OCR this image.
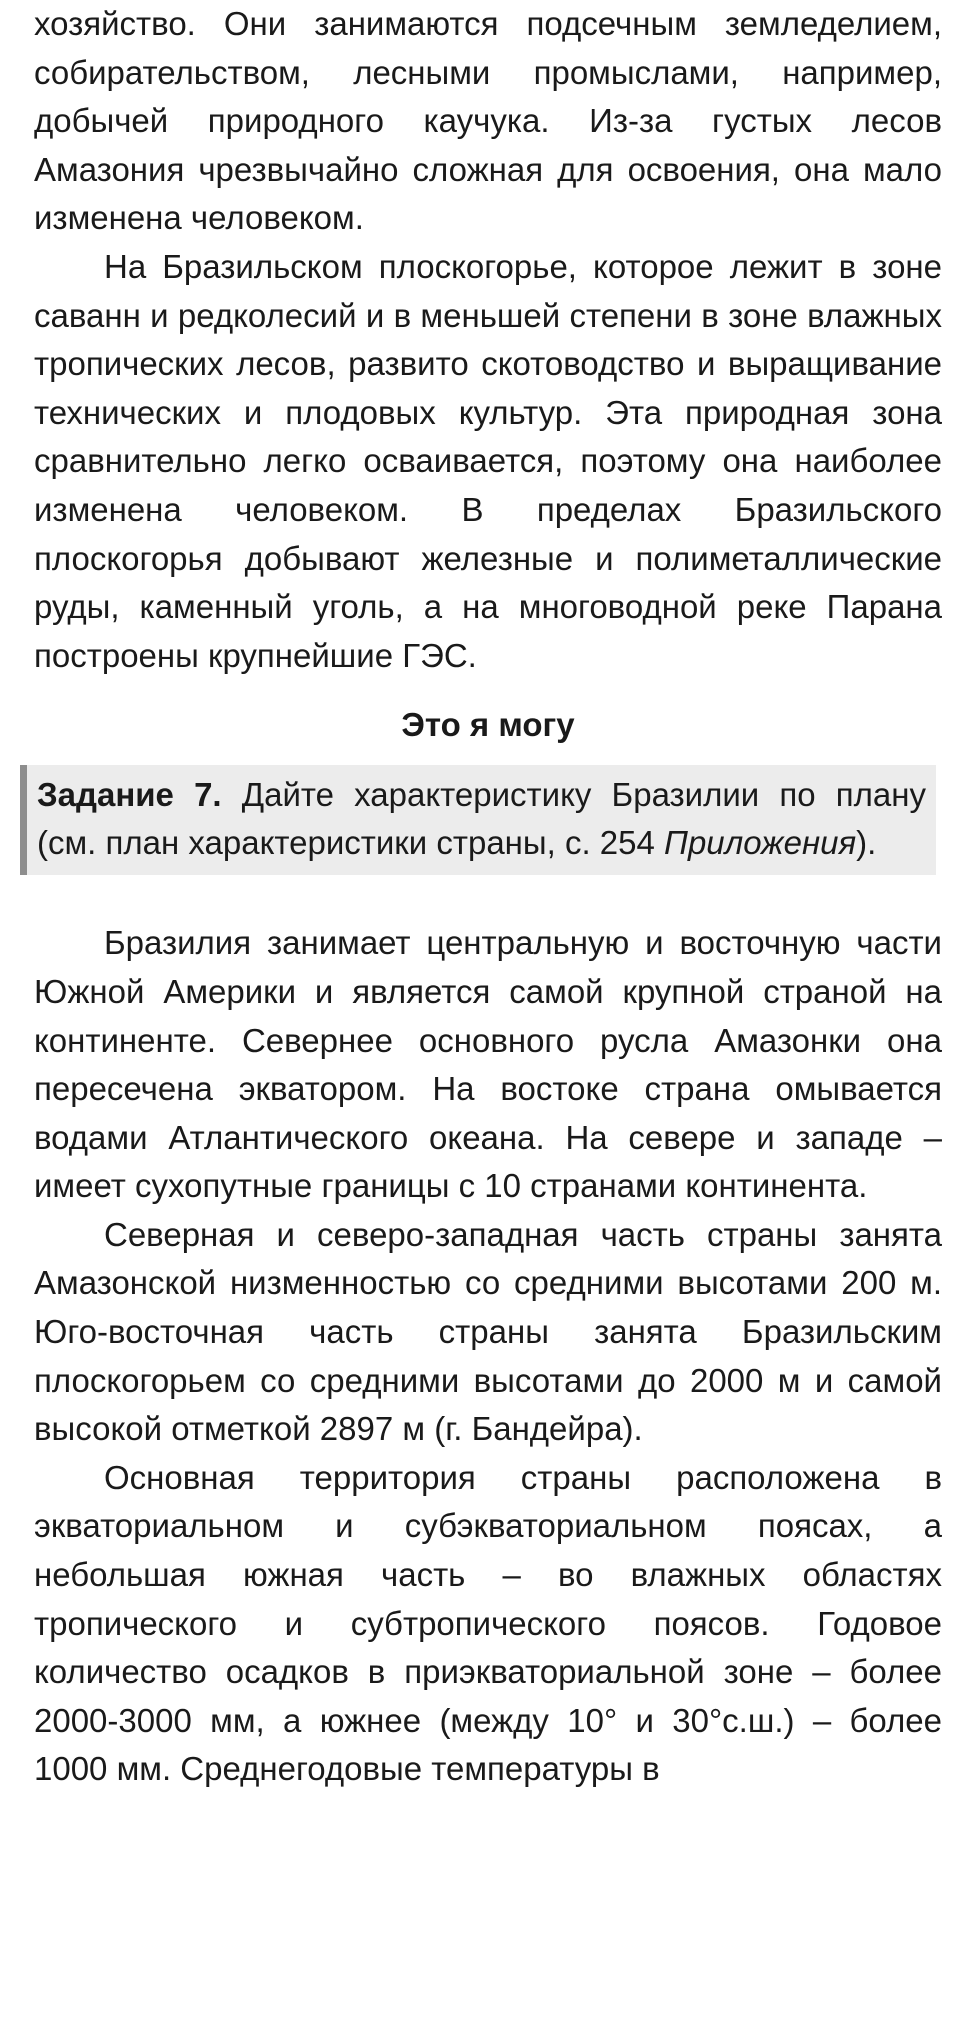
хозяйство. Они занимаются подсечным земледелием, собирательством, лесными промыслами, например, добычей природного каучука. Из-за густых лесов Амазония чрезвычайно сложная для освоения, она мало изменена человеком.

На Бразильском плоскогорье, которое лежит в зоне саванн и редколесий и в меньшей степени в зоне влажных тропических лесов, развито скотоводство и выращивание технических и плодовых культур. Эта природная зона сравнительно легко осваивается, поэтому она наиболее изменена человеком. В пределах Бразильского плоскогорья добывают железные и полиметаллические руды, каменный уголь, а на многоводной реке Парана построены крупнейшие ГЭС.

Это я могу

Задание 7. Дайте характеристику Бразилии по плану (см. план характеристики страны, с. 254 Приложения).

Бразилия занимает центральную и восточную части Южной Америки и является самой крупной страной на континенте. Севернее основного русла Амазонки она пересечена экватором. На востоке страна омывается водами Атлантического океана. На севере и западе – имеет сухопутные границы с 10 странами континента.

Северная и северо-западная часть страны занята Амазонской низменностью со средними высотами 200 м. Юго-восточная часть страны занята Бразильским плоскогорьем со средними высотами до 2000 м и самой высокой отметкой 2897 м (г. Бандейра).

Основная территория страны расположена в экваториальном и субэкваториальном поясах, а небольшая южная часть – во влажных областях тропического и субтропического поясов. Годовое количество осадков в приэкваториальной зоне – более 2000-3000 мм, а южнее (между 10° и 30°с.ш.) – более 1000 мм. Среднегодовые температуры в
